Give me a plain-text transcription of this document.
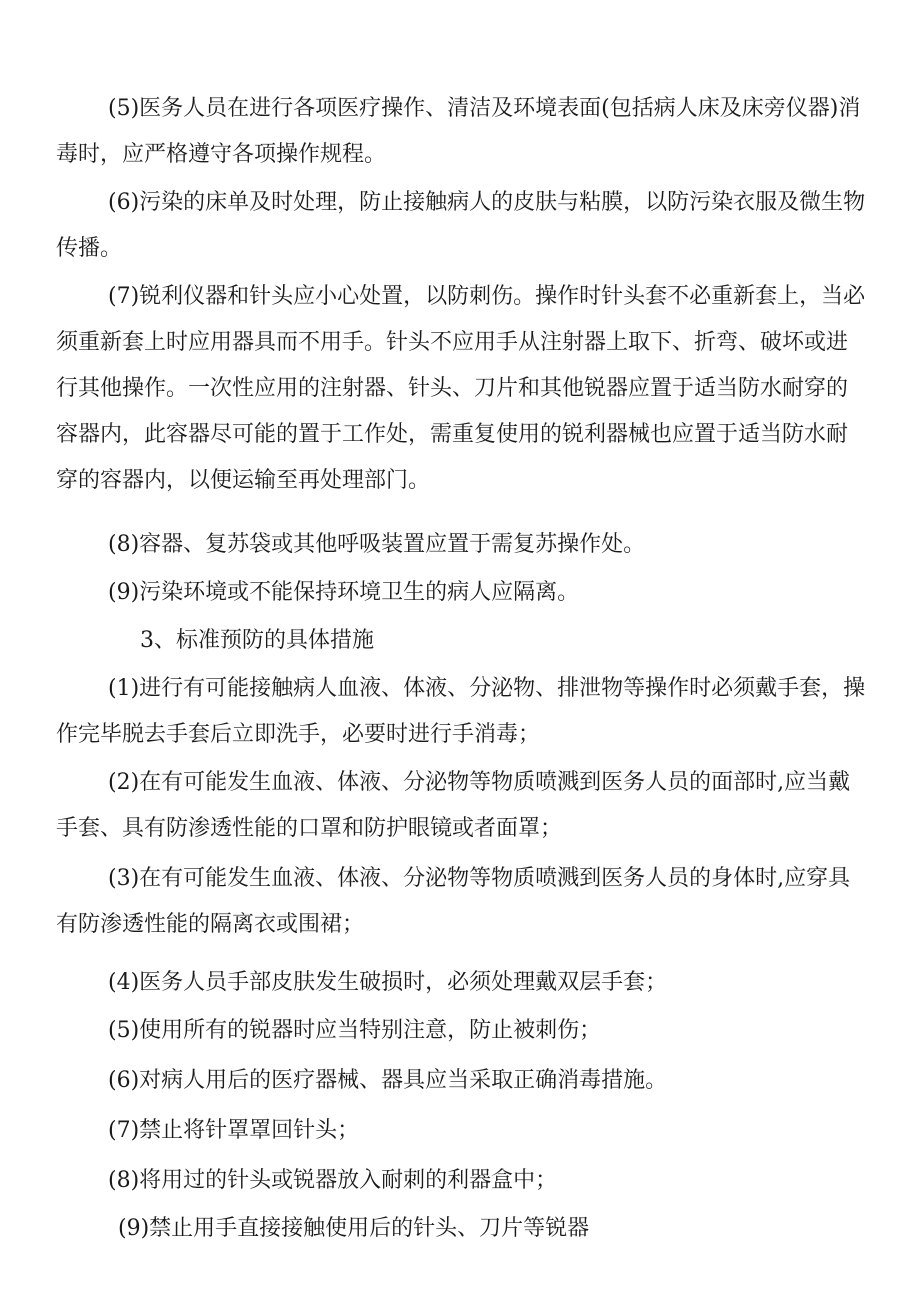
(5)医务人员在进行各项医疗操作、清洁及环境表面(包括病人床及床旁仪器)消毒时，应严格遵守各项操作规程。

(6)污染的床单及时处理，防止接触病人的皮肤与粘膜，以防污染衣服及微生物传播。

(7)锐利仪器和针头应小心处置，以防刺伤。操作时针头套不必重新套上，当必须重新套上时应用器具而不用手。针头不应用手从注射器上取下、折弯、破坏或进行其他操作。一次性应用的注射器、针头、刀片和其他锐器应置于适当防水耐穿的容器内，此容器尽可能的置于工作处，需重复使用的锐利器械也应置于适当防水耐穿的容器内，以便运输至再处理部门。

(8)容器、复苏袋或其他呼吸装置应置于需复苏操作处。

(9)污染环境或不能保持环境卫生的病人应隔离。

3、标准预防的具体措施

(1)进行有可能接触病人血液、体液、分泌物、排泄物等操作时必须戴手套，操作完毕脱去手套后立即洗手，必要时进行手消毒；

(2)在有可能发生血液、体液、分泌物等物质喷溅到医务人员的面部时,应当戴手套、具有防渗透性能的口罩和防护眼镜或者面罩；

(3)在有可能发生血液、体液、分泌物等物质喷溅到医务人员的身体时,应穿具有防渗透性能的隔离衣或围裙；

(4)医务人员手部皮肤发生破损时，必须处理戴双层手套；

(5)使用所有的锐器时应当特别注意，防止被刺伤；

(6)对病人用后的医疗器械、器具应当采取正确消毒措施。

(7)禁止将针罩罩回针头；

(8)将用过的针头或锐器放入耐刺的利器盒中；

(9)禁止用手直接接触使用后的针头、刀片等锐器
